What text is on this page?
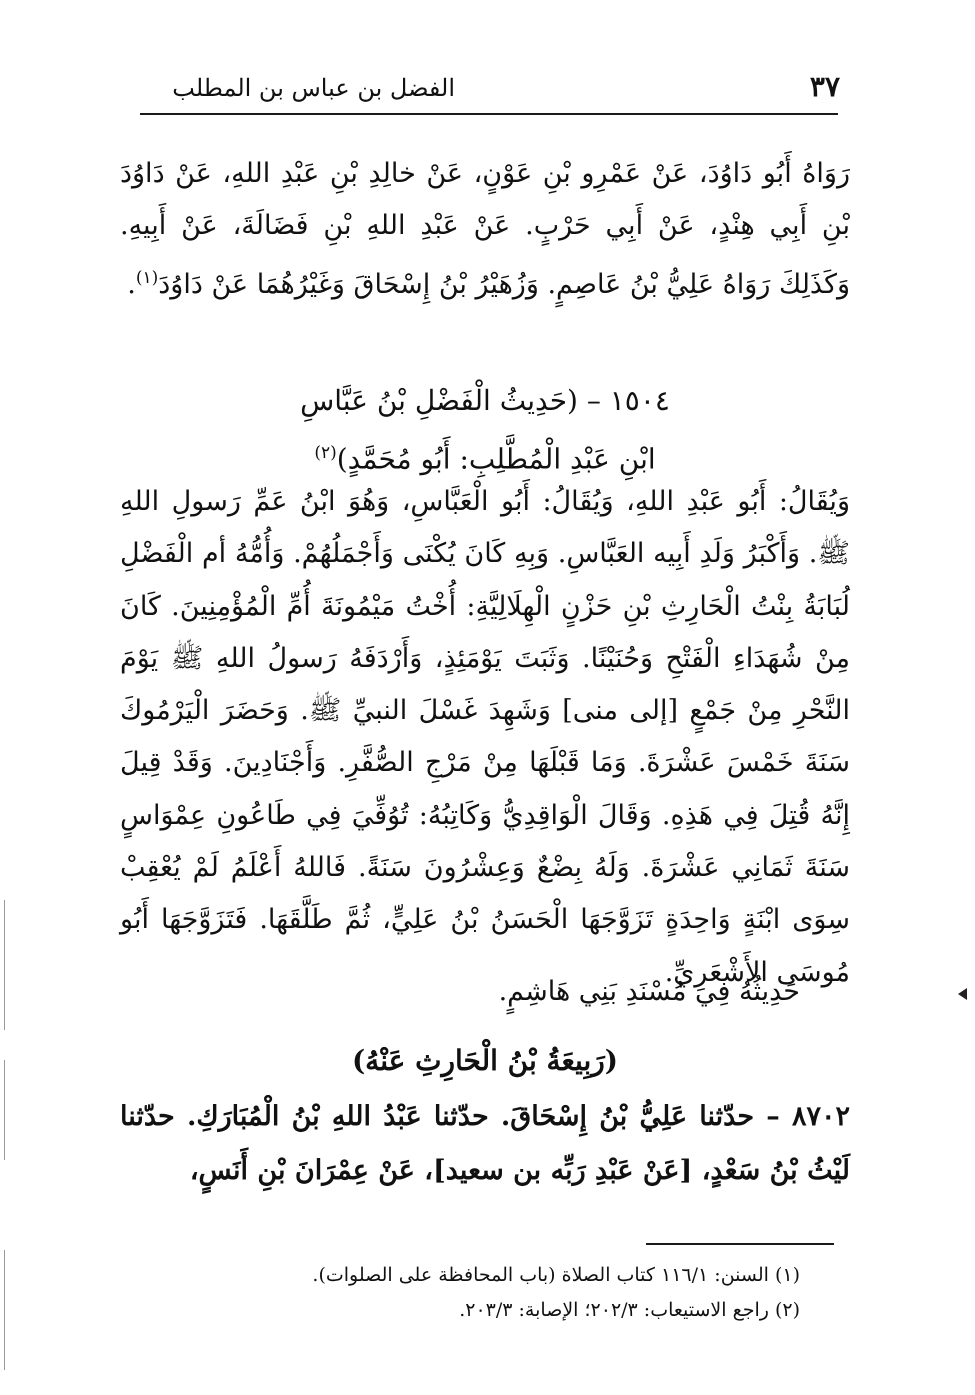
٣٧
الفضل بن عباس بن المطلب
رَوَاهُ أَبُو دَاوُدَ، عَنْ عَمْرِو بْنِ عَوْنٍ، عَنْ خالِدِ بْنِ عَبْدِ اللهِ، عَنْ دَاوُدَ بْنِ أَبِي هِنْدٍ، عَنْ أَبِي حَرْبٍ. عَنْ عَبْدِ اللهِ بْنِ فَضَالَةَ، عَنْ أَبِيهِ. وَكَذَلِكَ رَوَاهُ عَلِيُّ بْنُ عَاصِمٍ. وَزُهَيْرُ بْنُ إِسْحَاقَ وَغَيْرُهُمَا عَنْ دَاوُدَ$^{(١)}$.
١٥٠٤ – (حَدِيثُ الْفَضْلِ بْنُ عَبَّاسِ
ابْنِ عَبْدِ الْمُطَّلِبِ: أَبُو مُحَمَّدٍ)$^{(٢)}$
وَيُقَالُ: أَبُو عَبْدِ اللهِ، وَيُقَالُ: أَبُو الْعَبَّاسِ، وَهُوَ ابْنُ عَمِّ رَسولِ اللهِ ﷺ. وَأَكْبَرُ وَلَدِ أَبِيه العَبَّاسِ. وَبِهِ كَانَ يُكْنَى وَأَجْمَلُهُمْ. وَأُمُّهُ أم الْفَضْلِ لُبَابَةُ بِنْتُ الْحَارِثِ بْنِ حَزْنٍ الْهِلَالِيَّةِ: أُخْتُ مَيْمُونَةَ أُمِّ الْمُؤْمِنِينَ. كَانَ مِنْ شُهَدَاءِ الْفَتْحِ وَحُنَيْنًا. وَثَبَتَ يَوْمَئِذٍ، وَأَرْدَفَهُ رَسولُ اللهِ ﷺ يَوْمَ النَّحْرِ مِنْ جَمْعٍ [إلى منى] وَشَهِدَ غَسْلَ النبيِّ ﷺ. وَحَضَرَ الْيَرْمُوكَ سَنَةَ خَمْسَ عَشْرَةَ. وَمَا قَبْلَهَا مِنْ مَرْجِ الصُّفَّرِ. وَأَجْنَادِينَ. وَقَدْ قِيلَ إِنَّهُ قُتِلَ فِي هَذِهِ. وَقَالَ الْوَاقِدِيُّ وَكَاتِبُهُ: تُوُفِّيَ فِي طَاعُونِ عِمْوَاسٍ سَنَةَ ثَمَانِي عَشْرَةَ. وَلَهُ بِضْعٌ وَعِشْرُونَ سَنَةً. فَاللهُ أَعْلَمُ لَمْ يُعْقِبْ سِوَى ابْنَةٍ وَاحِدَةٍ تَزَوَّجَهَا الْحَسَنُ بْنُ عَلِيٍّ، ثُمَّ طَلَّقَهَا. فَتَزَوَّجَهَا أَبُو مُوسَى الأَشْعَرِيِّ.
حَدِيثُهُ فِي مُسْنَدِ بَنِي هَاشِمٍ.
(رَبِيعَةُ بْنُ الْحَارِثِ عَنْهُ)
٨٧٠٢ – حدّثنا عَلِيُّ بْنُ إِسْحَاقَ. حدّثنا عَبْدُ اللهِ بْنُ الْمُبَارَكِ. حدّثنا لَيْثُ بْنُ سَعْدٍ، [عَنْ عَبْدِ رَبِّه بن سعيد]، عَنْ عِمْرَانَ بْنِ أَنَسٍ،
(١) السنن: ١١٦/١ كتاب الصلاة (باب المحافظة على الصلوات).
(٢) راجع الاستيعاب: ٢٠٢/٣؛ الإصابة: ٢٠٣/٣.
